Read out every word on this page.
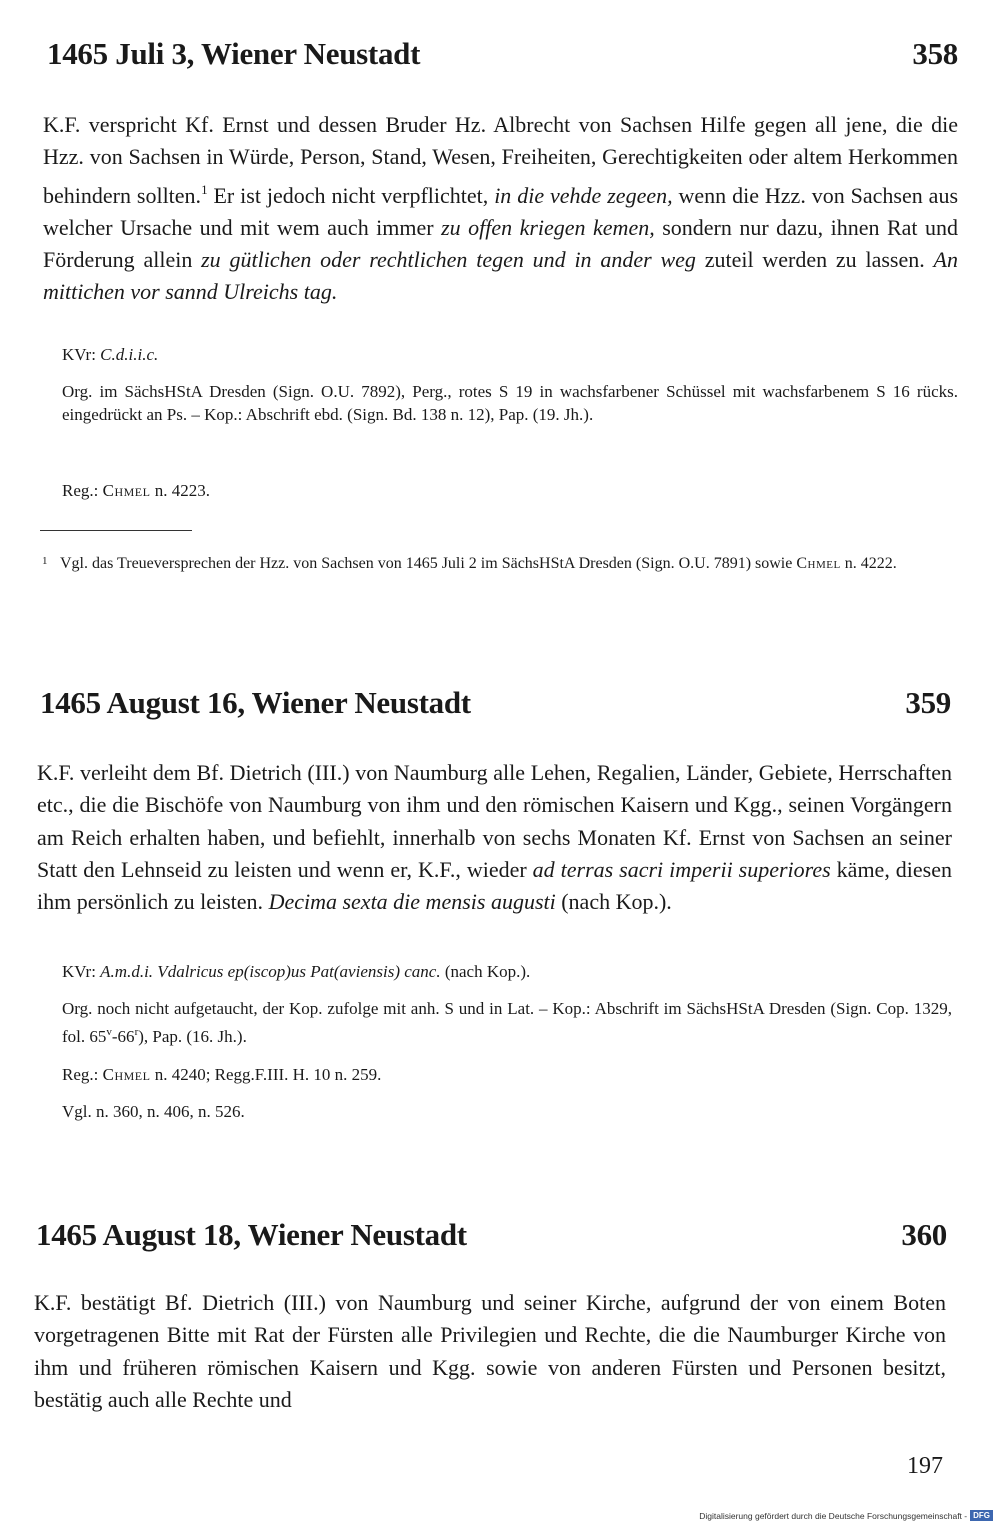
1465 Juli 3, Wiener Neustadt	358

K.F. verspricht Kf. Ernst und dessen Bruder Hz. Albrecht von Sachsen Hilfe gegen all jene, die die Hzz. von Sachsen in Würde, Person, Stand, Wesen, Freiheiten, Gerechtigkeiten oder altem Herkommen behindern sollten.$^1$ Er ist jedoch nicht verpflichtet, in die vehde zegeen, wenn die Hzz. von Sachsen aus welcher Ursache und mit wem auch immer zu offen kriegen kemen, sondern nur dazu, ihnen Rat und Förderung allein zu gütlichen oder rechtlichen tegen und in ander weg zuteil werden zu lassen. An mittichen vor sannd Ulreichs tag.

KVr: C.d.i.i.c.

Org. im SächsHStA Dresden (Sign. O.U. 7892), Perg., rotes S 19 in wachsfarbener Schüssel mit wachsfarbenem S 16 rücks. eingedrückt an Ps. – Kop.: Abschrift ebd. (Sign. Bd. 138 n. 12), Pap. (19. Jh.).

Reg.: Chmel n. 4223.

1 Vgl. das Treueversprechen der Hzz. von Sachsen von 1465 Juli 2 im SächsHStA Dresden (Sign. O.U. 7891) sowie Chmel n. 4222.
1465 August 16, Wiener Neustadt	359

K.F. verleiht dem Bf. Dietrich (III.) von Naumburg alle Lehen, Regalien, Länder, Gebiete, Herrschaften etc., die die Bischöfe von Naumburg von ihm und den römischen Kaisern und Kgg., seinen Vorgängern am Reich erhalten haben, und befiehlt, innerhalb von sechs Monaten Kf. Ernst von Sachsen an seiner Statt den Lehnseid zu leisten und wenn er, K.F., wieder ad terras sacri imperii superiores käme, diesen ihm persönlich zu leisten. Decima sexta die mensis augusti (nach Kop.).

KVr: A.m.d.i. Vdalricus ep(iscop)us Pat(aviensis) canc. (nach Kop.).

Org. noch nicht aufgetaucht, der Kop. zufolge mit anh. S und in Lat. – Kop.: Abschrift im SächsHStA Dresden (Sign. Cop. 1329, fol. 65$^v$-66$^r$), Pap. (16. Jh.).

Reg.: Chmel n. 4240; Regg.F.III. H. 10 n. 259.

Vgl. n. 360, n. 406, n. 526.

1465 August 18, Wiener Neustadt	360

K.F. bestätigt Bf. Dietrich (III.) von Naumburg und seiner Kirche, aufgrund der von einem Boten vorgetragenen Bitte mit Rat der Fürsten alle Privilegien und Rechte, die die Naumburger Kirche von ihm und früheren römischen Kaisern und Kgg. sowie von anderen Fürsten und Personen besitzt, bestätig auch alle Rechte und

197
Digitalisierung gefördert durch die Deutsche Forschungsgemeinschaft - DFG
